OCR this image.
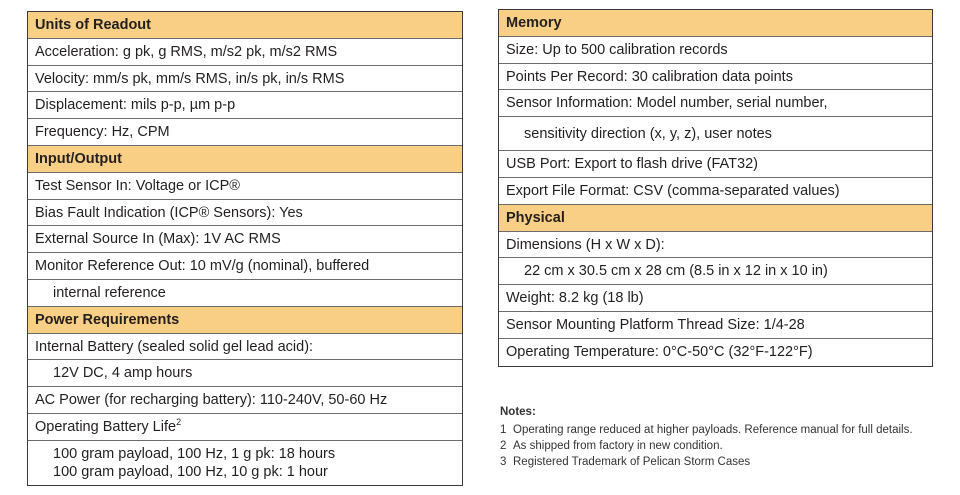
Units of Readout
Acceleration: g pk, g RMS, m/s2 pk, m/s2 RMS
Velocity: mm/s pk, mm/s RMS, in/s pk, in/s RMS
Displacement: mils p-p, µm p-p
Frequency: Hz, CPM
Input/Output
Test Sensor In: Voltage or ICP®
Bias Fault Indication (ICP® Sensors): Yes
External Source In (Max): 1V AC RMS
Monitor Reference Out: 10 mV/g (nominal), buffered
internal reference
Power Requirements
Internal Battery (sealed solid gel lead acid):
12V DC, 4 amp hours
AC Power (for recharging battery): 110-240V, 50-60 Hz
Operating Battery Life$^2$
100 gram payload, 100 Hz, 1 g pk: 18 hours
100 gram payload, 100 Hz, 10 g pk: 1 hour
Memory
Size: Up to 500 calibration records
Points Per Record: 30 calibration data points
Sensor Information: Model number, serial number,
sensitivity direction (x, y, z), user notes
USB Port: Export to flash drive (FAT32)
Export File Format: CSV (comma-separated values)
Physical
Dimensions (H x W x D):
22 cm x 30.5 cm x 28 cm (8.5 in x 12 in x 10 in)
Weight: 8.2 kg (18 lb)
Sensor Mounting Platform Thread Size: 1/4-28
Operating Temperature: 0°C-50°C (32°F-122°F)
Notes:
1 Operating range reduced at higher payloads. Reference manual for full details.
2 As shipped from factory in new condition.
3 Registered Trademark of Pelican Storm Cases
